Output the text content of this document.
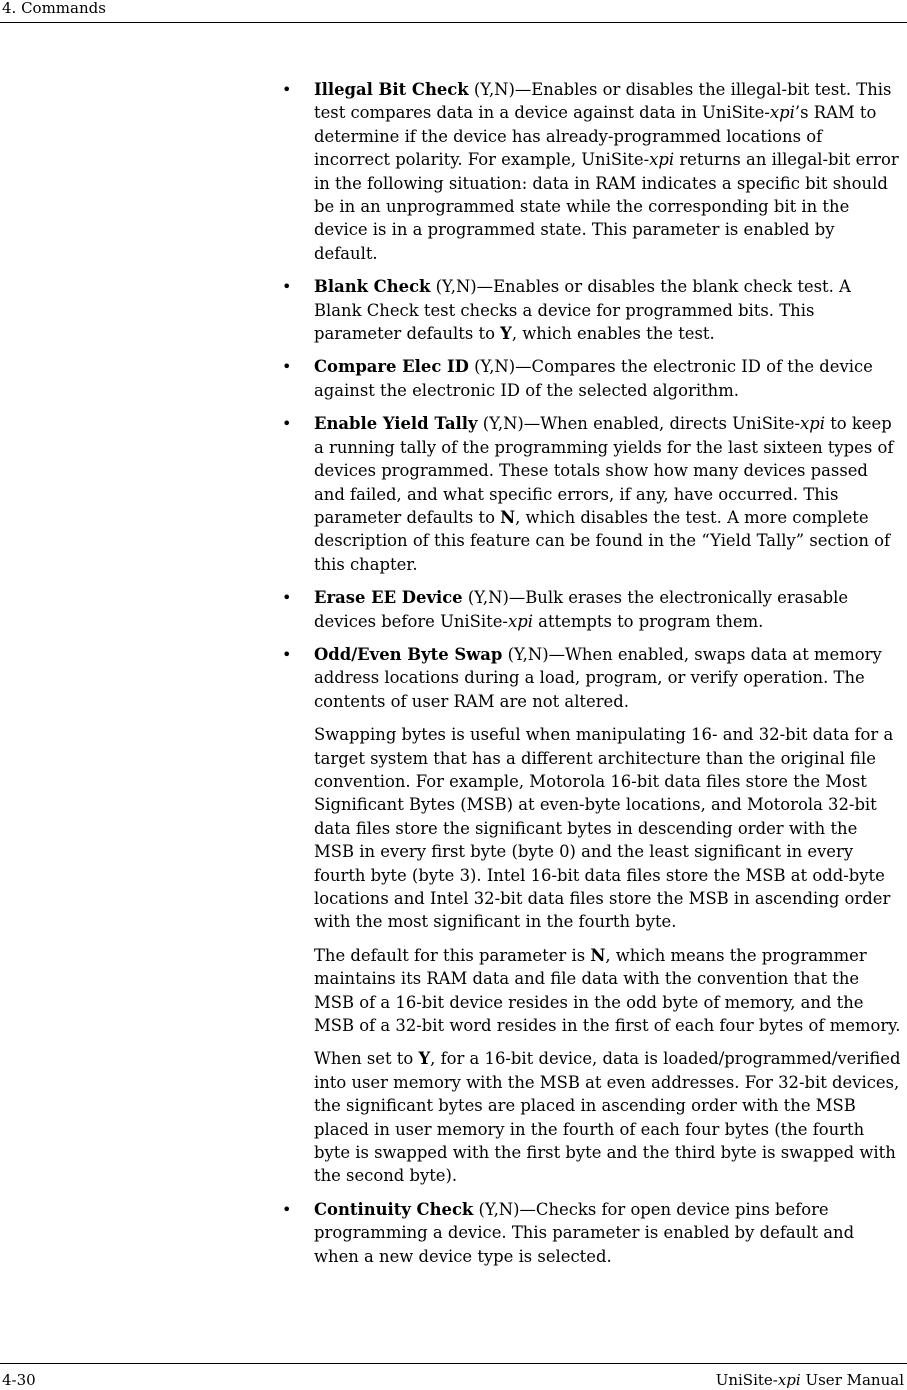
4. Commands
• Illegal Bit Check (Y,N)—Enables or disables the illegal-bit test. This test compares data in a device against data in UniSite-xpi’s RAM to determine if the device has already-programmed locations of incorrect polarity. For example, UniSite-xpi returns an illegal-bit error in the following situation: data in RAM indicates a specific bit should be in an unprogrammed state while the corresponding bit in the device is in a programmed state. This parameter is enabled by default.

• Blank Check (Y,N)—Enables or disables the blank check test. A Blank Check test checks a device for programmed bits. This parameter defaults to Y, which enables the test.

• Compare Elec ID (Y,N)—Compares the electronic ID of the device against the electronic ID of the selected algorithm.

• Enable Yield Tally (Y,N)—When enabled, directs UniSite-xpi to keep a running tally of the programming yields for the last sixteen types of devices programmed. These totals show how many devices passed and failed, and what specific errors, if any, have occurred. This parameter defaults to N, which disables the test. A more complete description of this feature can be found in the “Yield Tally” section of this chapter.

• Erase EE Device (Y,N)—Bulk erases the electronically erasable devices before UniSite-xpi attempts to program them.

• Odd/Even Byte Swap (Y,N)—When enabled, swaps data at memory address locations during a load, program, or verify operation. The contents of user RAM are not altered.

Swapping bytes is useful when manipulating 16- and 32-bit data for a target system that has a different architecture than the original file convention. For example, Motorola 16-bit data files store the Most Significant Bytes (MSB) at even-byte locations, and Motorola 32-bit data files store the significant bytes in descending order with the MSB in every first byte (byte 0) and the least significant in every fourth byte (byte 3). Intel 16-bit data files store the MSB at odd-byte locations and Intel 32-bit data files store the MSB in ascending order with the most significant in the fourth byte.

The default for this parameter is N, which means the programmer maintains its RAM data and file data with the convention that the MSB of a 16-bit device resides in the odd byte of memory, and the MSB of a 32-bit word resides in the first of each four bytes of memory.

When set to Y, for a 16-bit device, data is loaded/programmed/verified into user memory with the MSB at even addresses. For 32-bit devices, the significant bytes are placed in ascending order with the MSB placed in user memory in the fourth of each four bytes (the fourth byte is swapped with the first byte and the third byte is swapped with the second byte).

• Continuity Check (Y,N)—Checks for open device pins before programming a device. This parameter is enabled by default and when a new device type is selected.

4-30	UniSite-xpi User Manual
